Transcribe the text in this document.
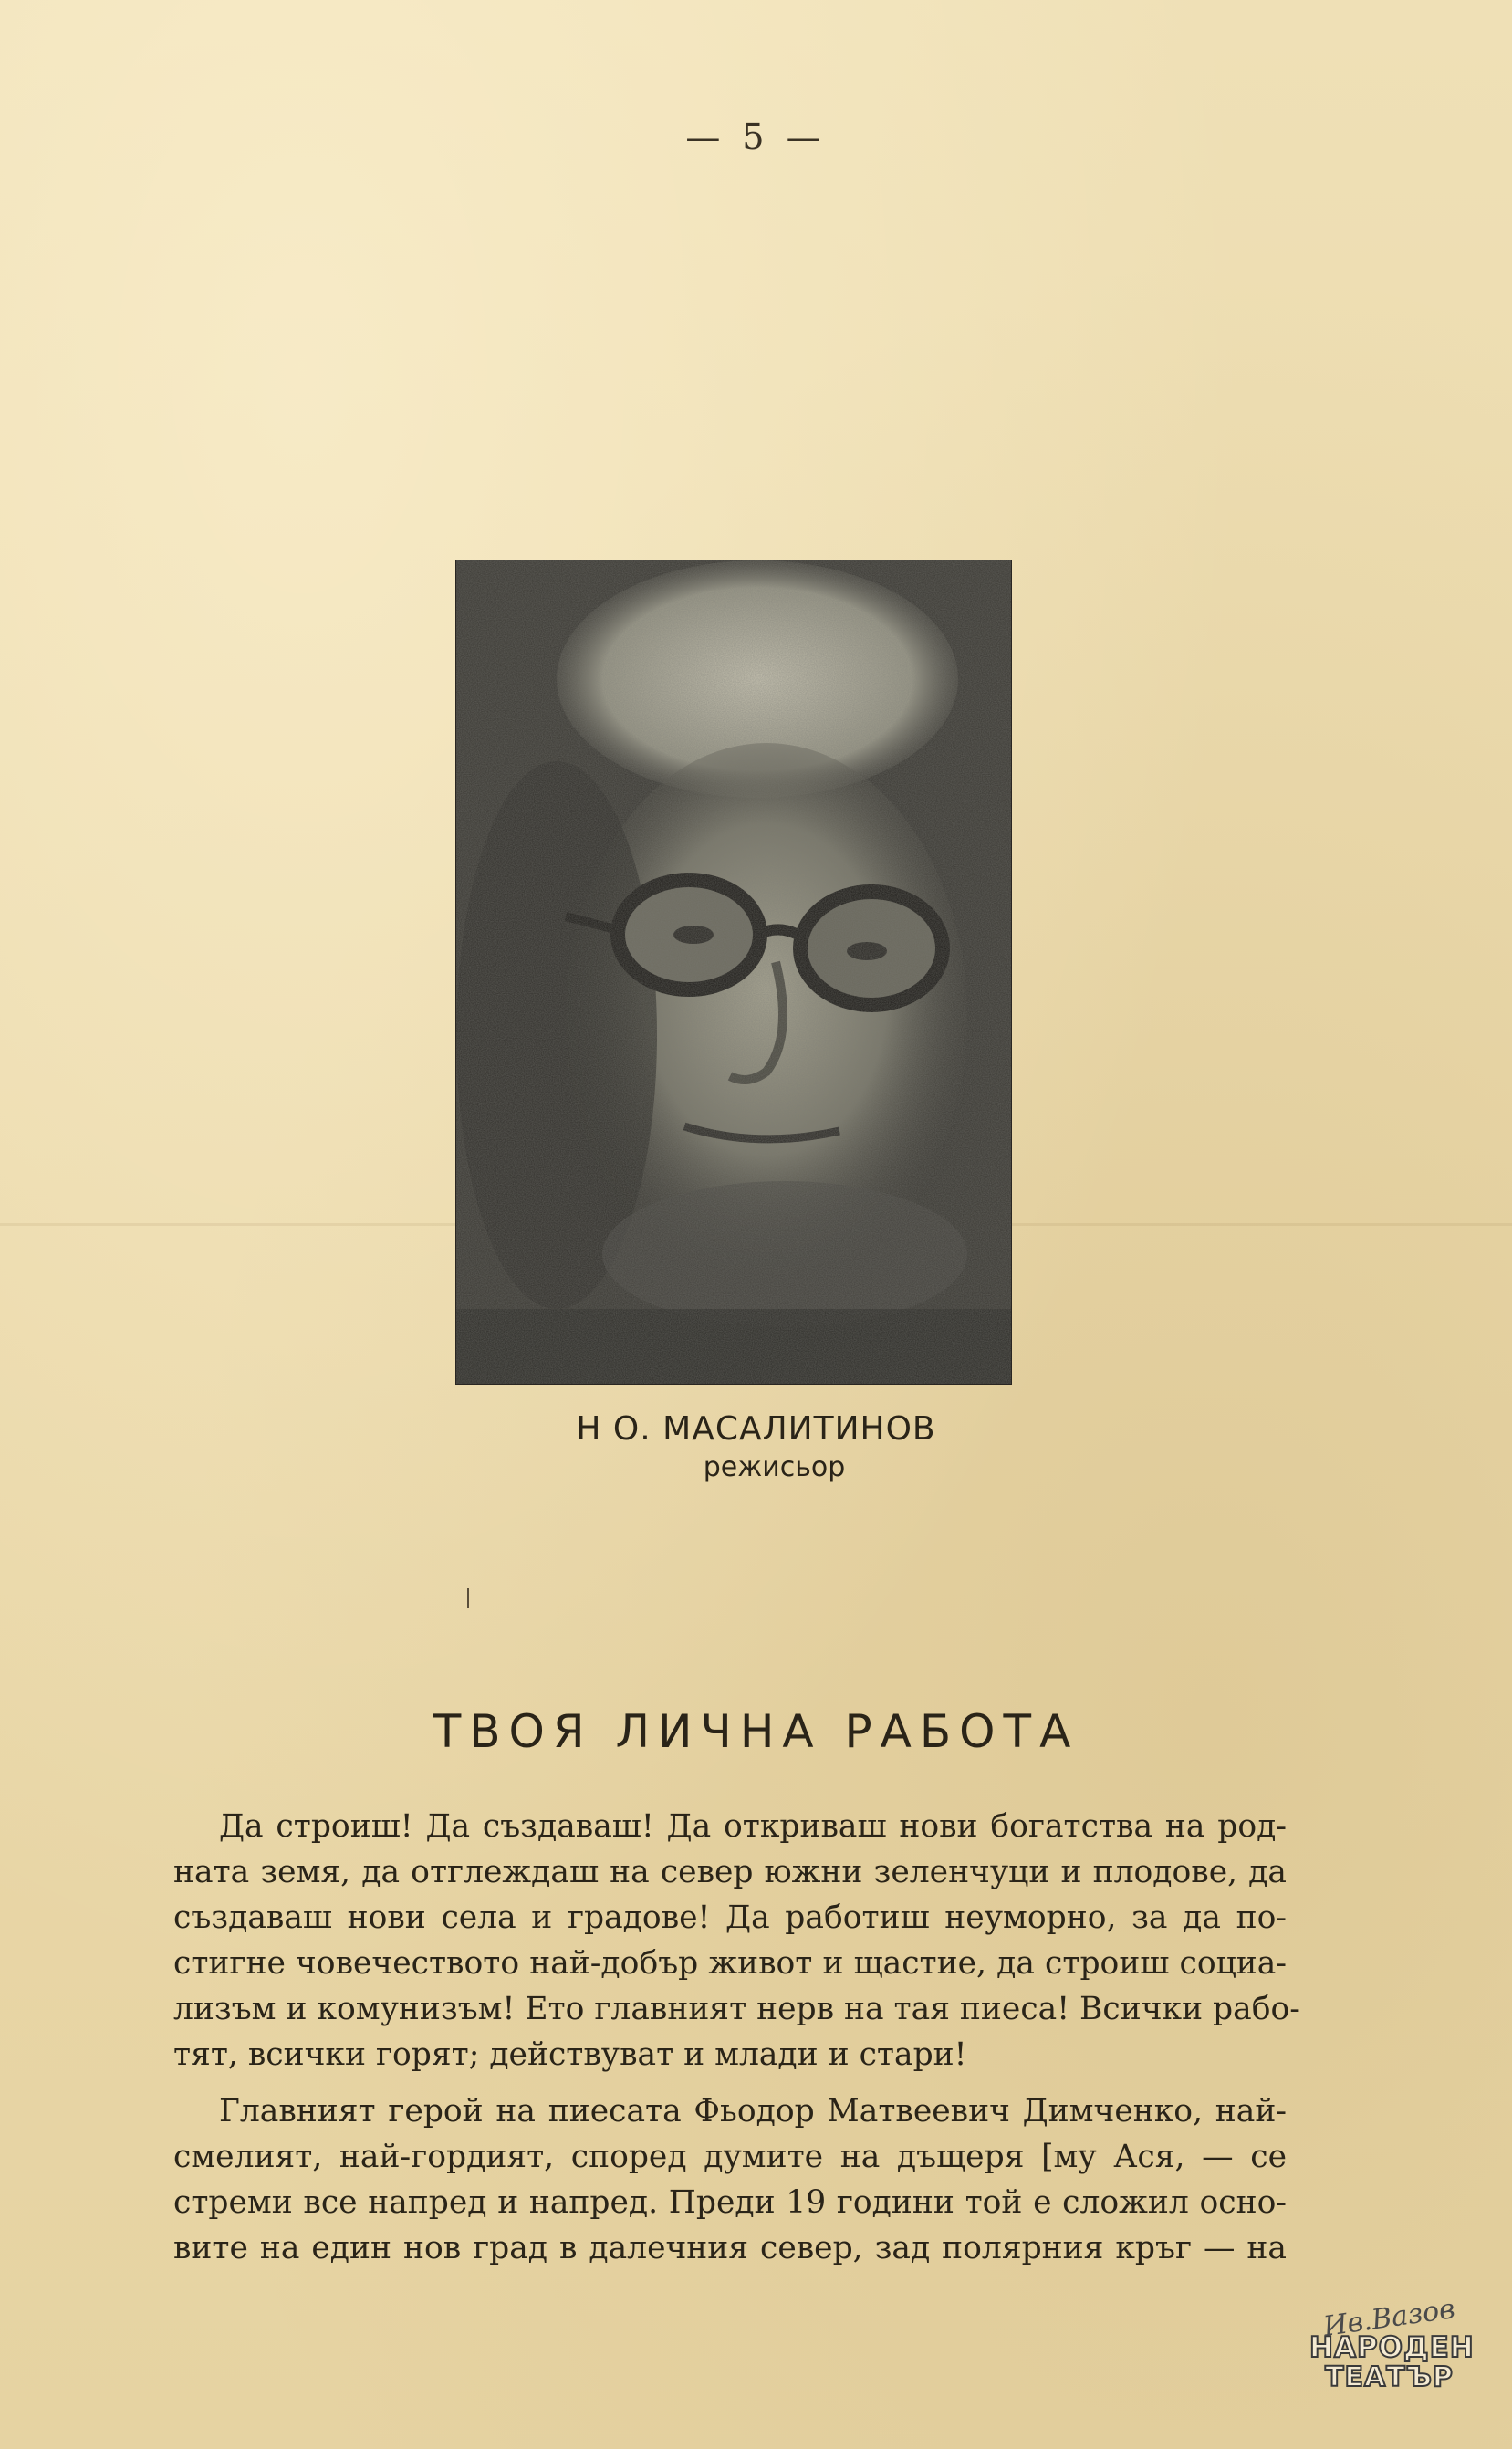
— 5 —
Н О. МАСАЛИТИНОВ
режисьор
ТВОЯ ЛИЧНА РАБОТА
Да строиш! Да създаваш! Да откриваш нови богатства на род-
ната земя, да отглеждаш на север южни зеленчуци и плодове, да
създаваш нови села и градове! Да работиш неуморно, за да по-
стигне човечеството най-добър живот и щастие, да строиш социа-
лизъм и комунизъм! Ето главният нерв на тая пиеса! Всички рабо-
тят, всички горят; действуват и млади и стари!
Главният герой на пиесата Фьодор Матвеевич Димченко, най-
смелият, най-гордият, според думите на дъщеря [му Ася, — се
стреми все напред и напред. Преди 19 години той е сложил осно-
вите на един нов град в далечния север, зад полярния кръг — на
Ив.Вазов
НАРОДЕН
ТЕАТЪР
